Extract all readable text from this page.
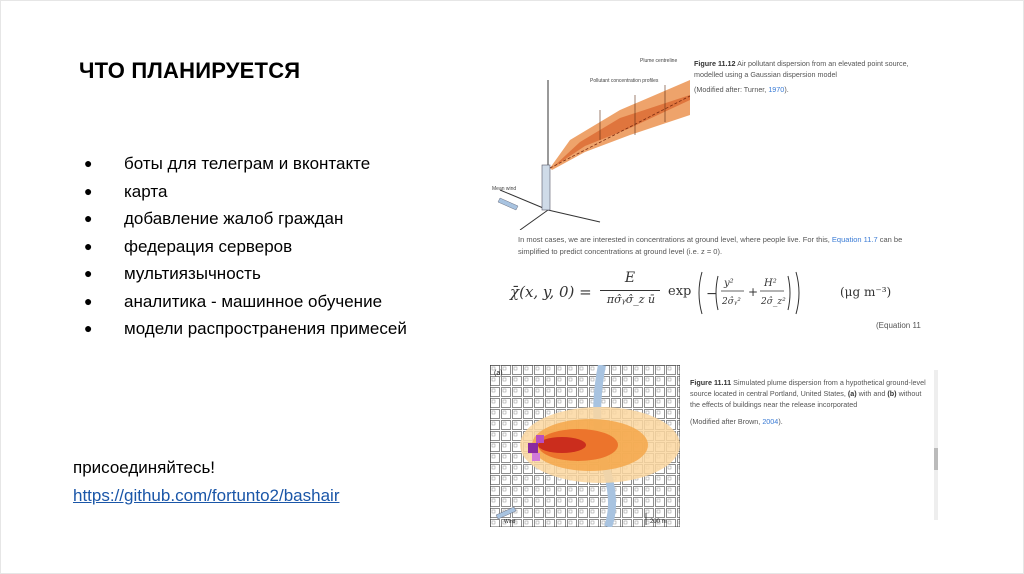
ЧТО ПЛАНИРУЕТСЯ
● боты для телеграм и вконтакте
● карта
● добавление жалоб граждан
● федерация серверов
● мультиязычность
● аналитика - машинное обучение
● модели распространения примесей
присоединяйтесь!
https://github.com/fortunto2/bashair
Mean wind
Plume centreline
Pollutant concentration profiles
Figure 11.12 Air pollutant dispersion from an elevated point source, modelled using a Gaussian dispersion model
(Modified after: Turner, 1970).
In most cases, we are interested in concentrations at ground level, where people live. For this, Equation 11.7 can be simplified to predict concentrations at ground level (i.e. z = 0).
χ̄(x, y, 0) =
E
πσ̂ᵧσ̂_z ū
exp −
y²
2σ̂ᵧ²
+
H²
2σ̂_z²
(μg m⁻³)
(Equation 11
(a)
Wind	200 m
Figure 11.11 Simulated plume dispersion from a hypothetical ground-level source located in central Portland, United States, (a) with and (b) without the effects of buildings near the release incorporated
(Modified after Brown, 2004).
